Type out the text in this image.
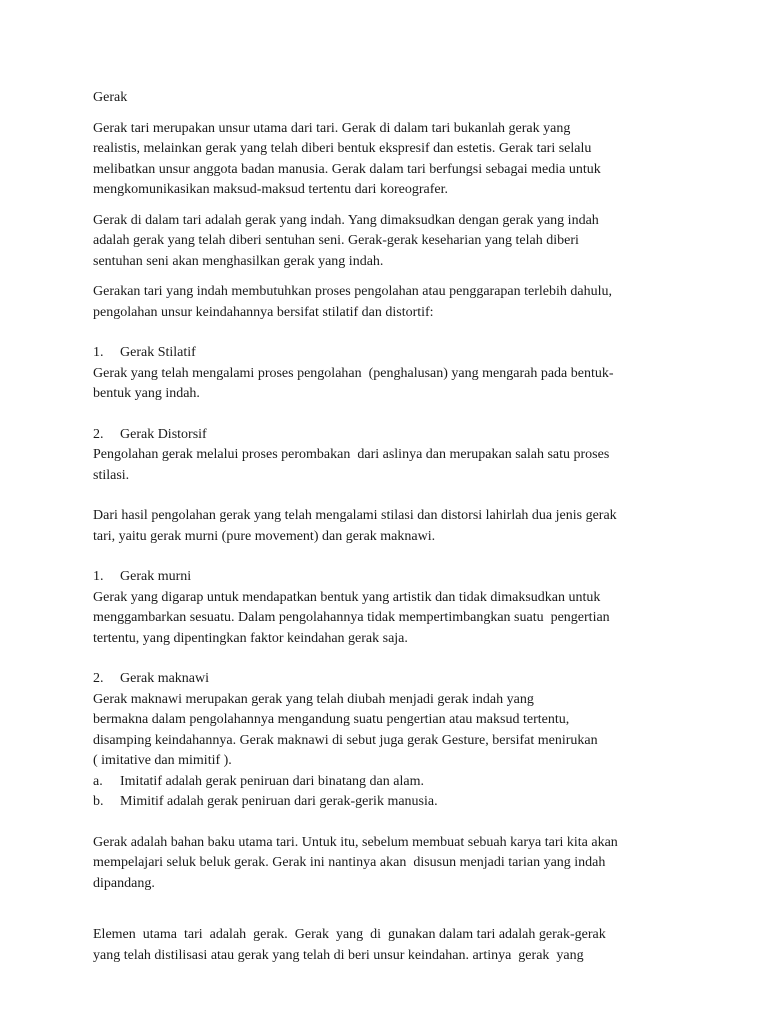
Gerak
Gerak tari merupakan unsur utama dari tari. Gerak di dalam tari bukanlah gerak yang
realistis, melainkan gerak yang telah diberi bentuk ekspresif dan estetis. Gerak tari selalu
melibatkan unsur anggota badan manusia. Gerak dalam tari berfungsi sebagai media untuk
mengkomunikasikan maksud-maksud tertentu dari koreografer.
Gerak di dalam tari adalah gerak yang indah. Yang dimaksudkan dengan gerak yang indah
adalah gerak yang telah diberi sentuhan seni. Gerak-gerak keseharian yang telah diberi
sentuhan seni akan menghasilkan gerak yang indah.
Gerakan tari yang indah membutuhkan proses pengolahan atau penggarapan terlebih dahulu,
pengolahan unsur keindahannya bersifat stilatif dan distortif:
1. Gerak Stilatif
Gerak yang telah mengalami proses pengolahan  (penghalusan) yang mengarah pada bentuk-
bentuk yang indah.
2. Gerak Distorsif
Pengolahan gerak melalui proses perombakan  dari aslinya dan merupakan salah satu proses
stilasi.
Dari hasil pengolahan gerak yang telah mengalami stilasi dan distorsi lahirlah dua jenis gerak
tari, yaitu gerak murni (pure movement) dan gerak maknawi.
1. Gerak murni
Gerak yang digarap untuk mendapatkan bentuk yang artistik dan tidak dimaksudkan untuk
menggambarkan sesuatu. Dalam pengolahannya tidak mempertimbangkan suatu  pengertian
tertentu, yang dipentingkan faktor keindahan gerak saja.
2. Gerak maknawi
Gerak maknawi merupakan gerak yang telah diubah menjadi gerak indah yang
bermakna dalam pengolahannya mengandung suatu pengertian atau maksud tertentu,
disamping keindahannya. Gerak maknawi di sebut juga gerak Gesture, bersifat menirukan
( imitative dan mimitif ).
a. Imitatif adalah gerak peniruan dari binatang dan alam.
b. Mimitif adalah gerak peniruan dari gerak-gerik manusia.
Gerak adalah bahan baku utama tari. Untuk itu, sebelum membuat sebuah karya tari kita akan
mempelajari seluk beluk gerak. Gerak ini nantinya akan  disusun menjadi tarian yang indah
dipandang.
Elemen  utama  tari  adalah  gerak.  Gerak  yang  di  gunakan dalam tari adalah gerak-gerak
yang telah distilisasi atau gerak yang telah di beri unsur keindahan. artinya  gerak  yang
